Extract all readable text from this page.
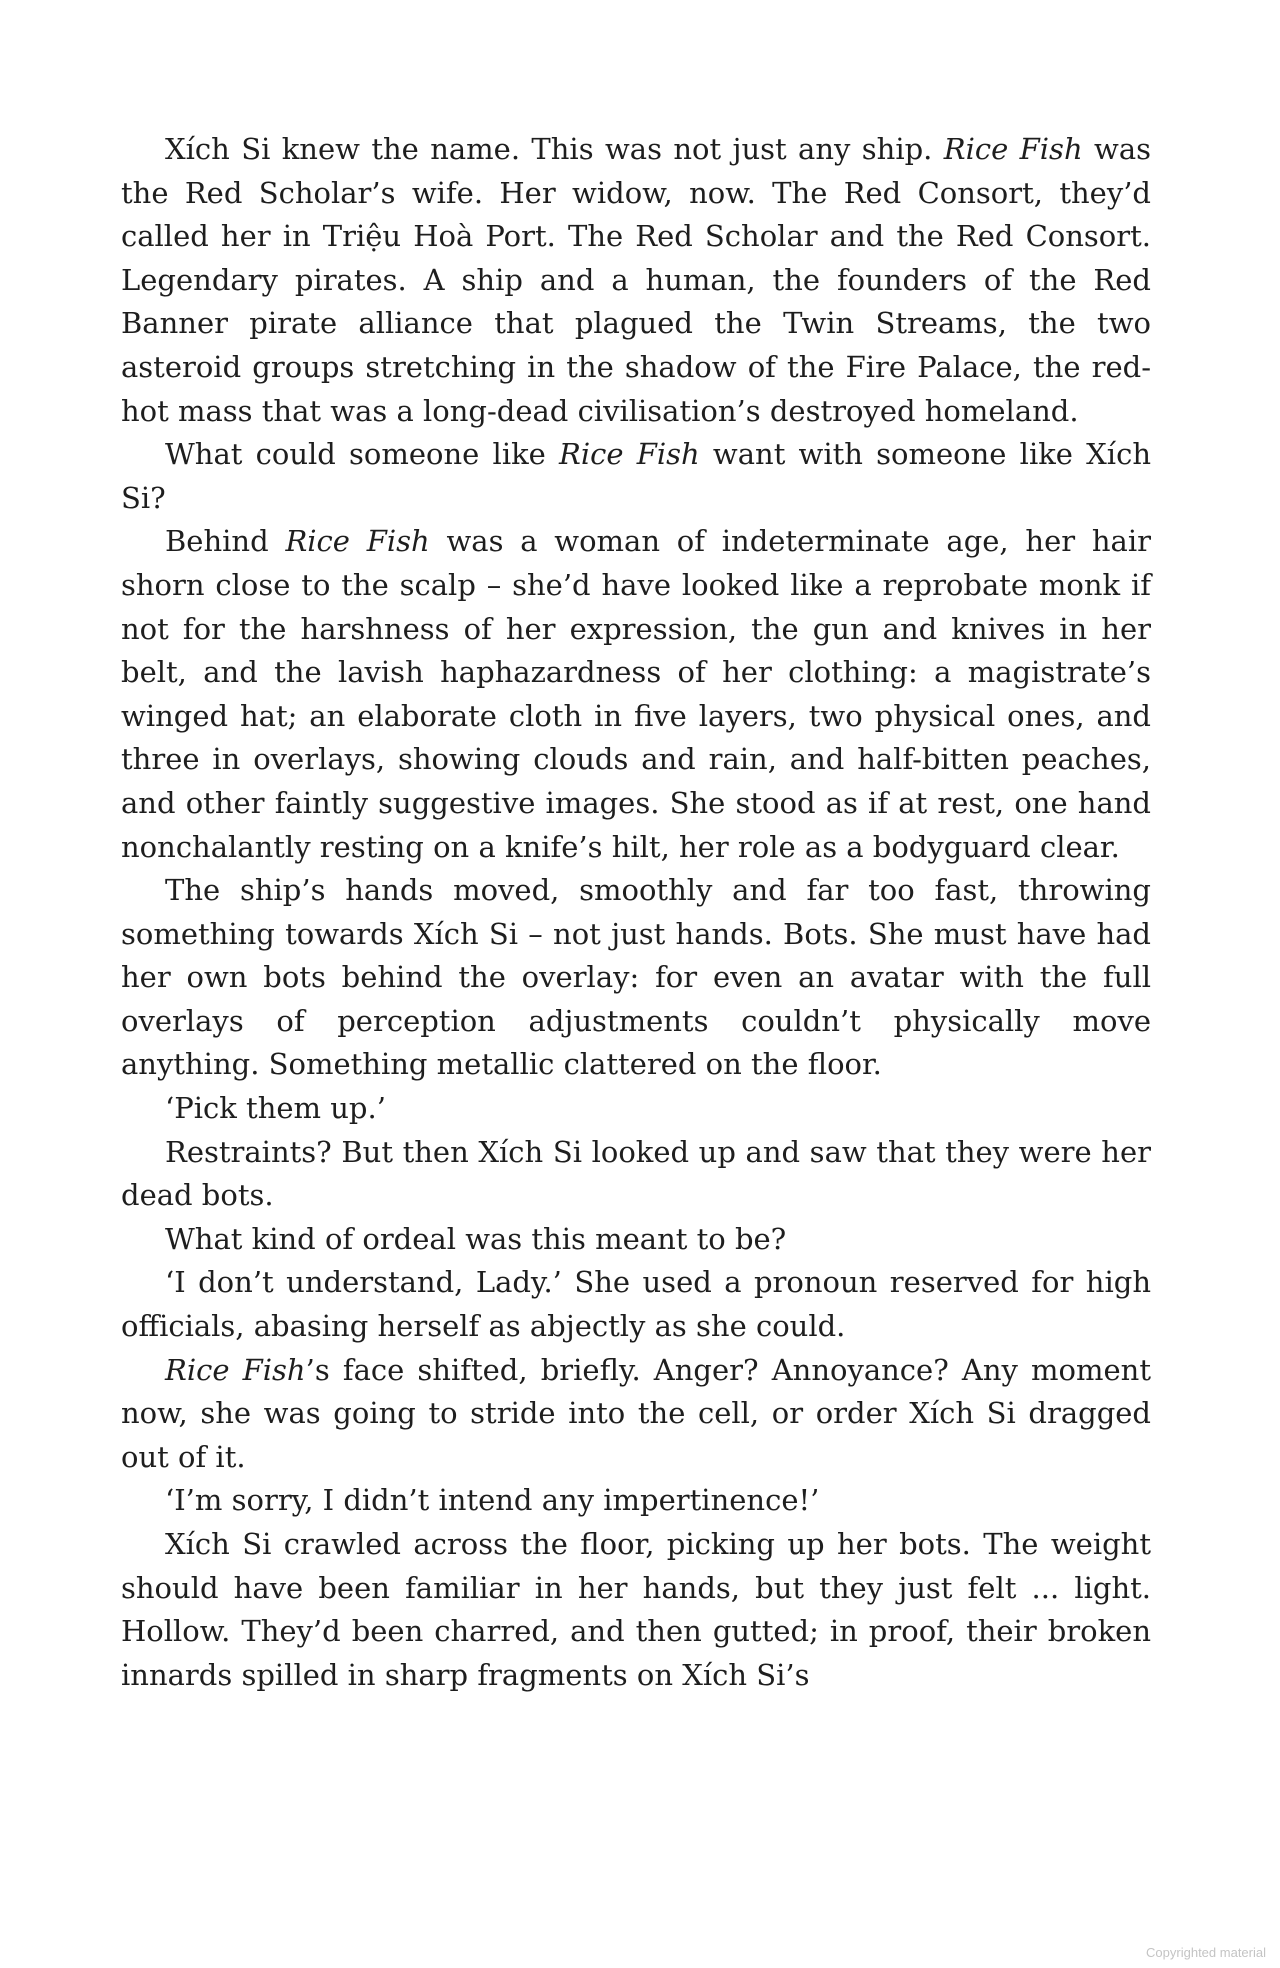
Xích Si knew the name. This was not just any ship. Rice Fish was the Red Scholar’s wife. Her widow, now. The Red Consort, they’d called her in Triệu Hoà Port. The Red Scholar and the Red Consort. Legendary pirates. A ship and a human, the founders of the Red Banner pirate alliance that plagued the Twin Streams, the two asteroid groups stretching in the shadow of the Fire Palace, the red-hot mass that was a long-dead civilisation’s destroyed homeland.

What could someone like Rice Fish want with someone like Xích Si?

Behind Rice Fish was a woman of indeterminate age, her hair shorn close to the scalp – she’d have looked like a reprobate monk if not for the harshness of her expression, the gun and knives in her belt, and the lavish haphazardness of her clothing: a magistrate’s winged hat; an elaborate cloth in five layers, two physical ones, and three in overlays, showing clouds and rain, and half-bitten peaches, and other faintly suggestive images. She stood as if at rest, one hand nonchalantly resting on a knife’s hilt, her role as a bodyguard clear.

The ship’s hands moved, smoothly and far too fast, throwing something towards Xích Si – not just hands. Bots. She must have had her own bots behind the overlay: for even an avatar with the full overlays of perception adjustments couldn’t physically move anything. Something metallic clattered on the floor.

‘Pick them up.’

Restraints? But then Xích Si looked up and saw that they were her dead bots.

What kind of ordeal was this meant to be?

‘I don’t understand, Lady.’ She used a pronoun reserved for high officials, abasing herself as abjectly as she could.

Rice Fish’s face shifted, briefly. Anger? Annoyance? Any moment now, she was going to stride into the cell, or order Xích Si dragged out of it.

‘I’m sorry, I didn’t intend any impertinence!’

Xích Si crawled across the floor, picking up her bots. The weight should have been familiar in her hands, but they just felt ... light. Hollow. They’d been charred, and then gutted; in proof, their broken innards spilled in sharp fragments on Xích Si’s

Copyrighted material
